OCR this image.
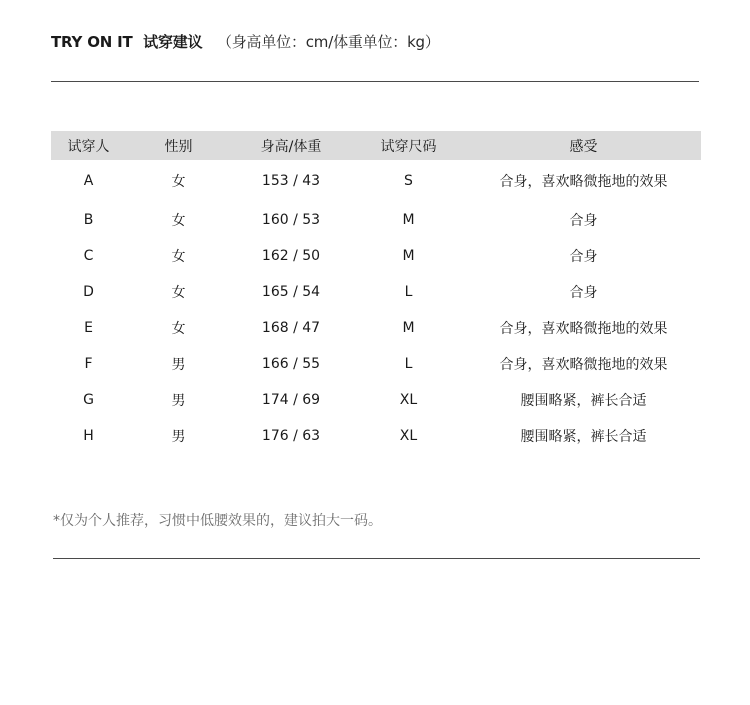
TRY ON IT 试穿建议 （身高单位：cm/体重单位：kg）
试穿人	性别	身高/体重	试穿尺码	感受
A	女	153 / 43	S	合身，喜欢略微拖地的效果
B	女	160 / 53	M	合身
C	女	162 / 50	M	合身
D	女	165 / 54	L	合身
E	女	168 / 47	M	合身，喜欢略微拖地的效果
F	男	166 / 55	L	合身，喜欢略微拖地的效果
G	男	174 / 69	XL	腰围略紧，裤长合适
H	男	176 / 63	XL	腰围略紧，裤长合适
*仅为个人推荐，习惯中低腰效果的，建议拍大一码。
